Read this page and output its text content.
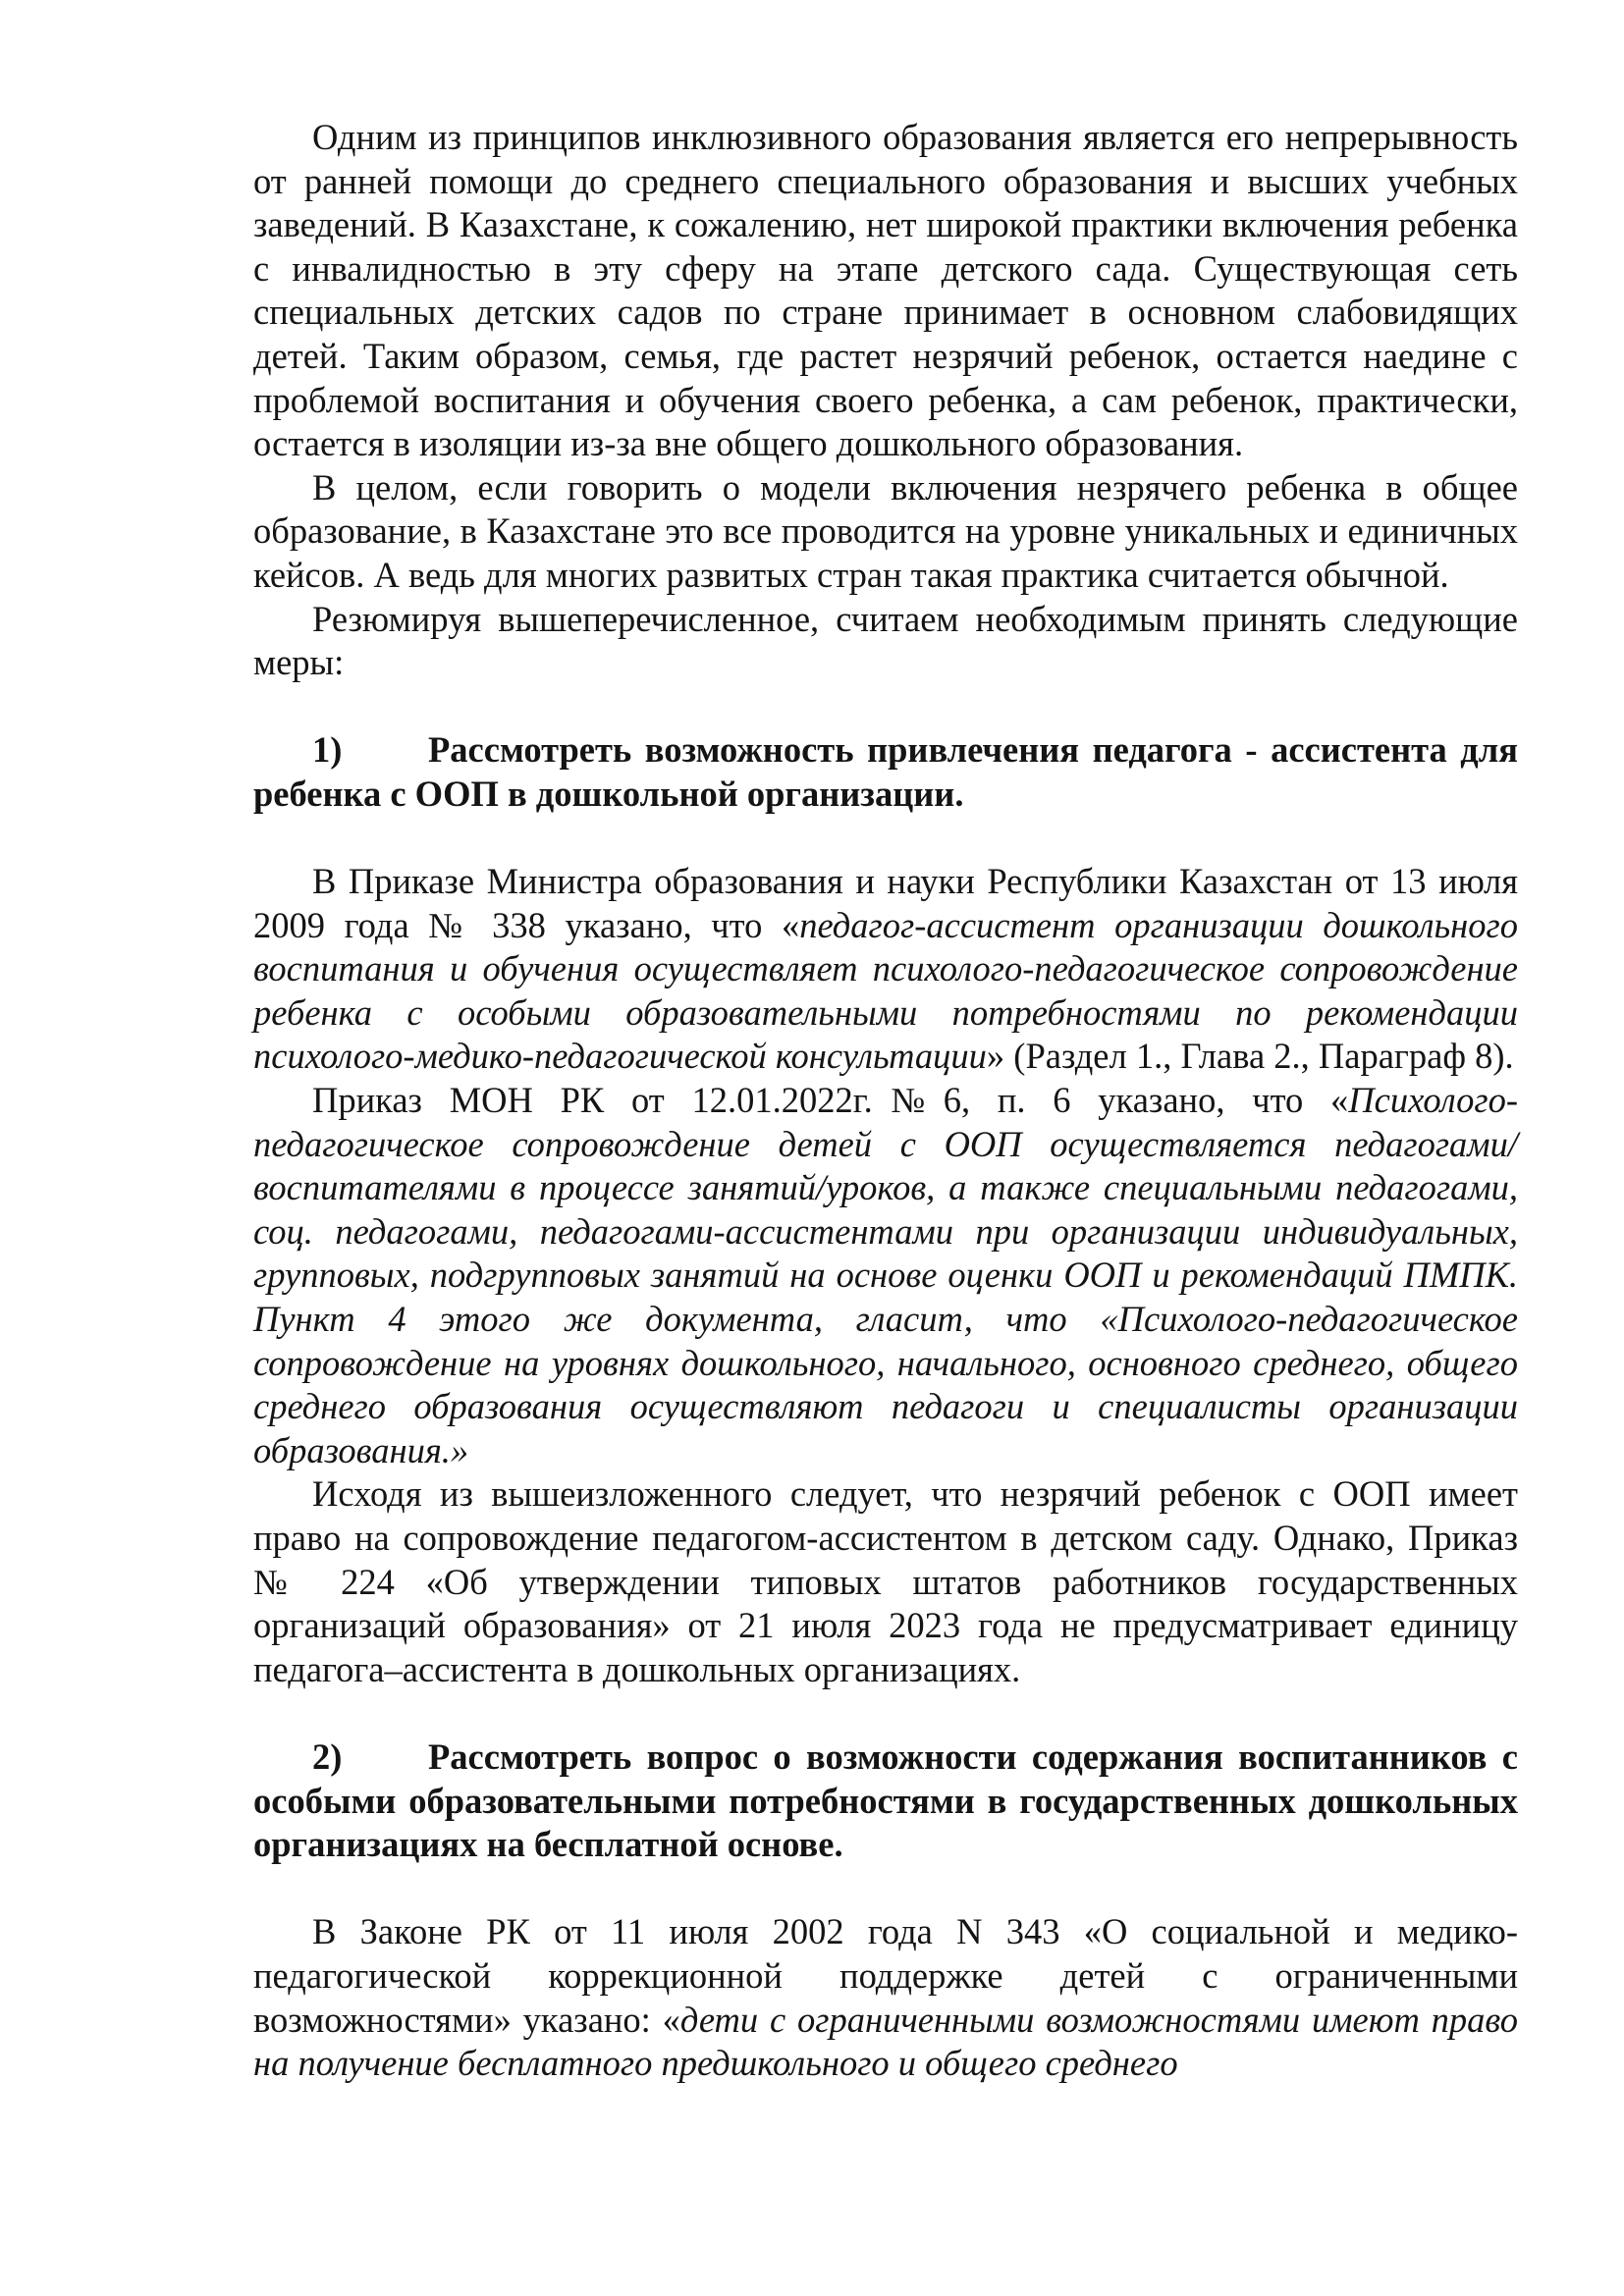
Одним из принципов инклюзивного образования является его непрерывность от ранней помощи до среднего специального образования и высших учебных заведений. В Казахстане, к сожалению, нет широкой практики включения ребенка с инвалидностью в эту сферу на этапе детского сада. Существующая сеть специальных детских садов по стране принимает в основном слабовидящих детей. Таким образом, семья, где растет незрячий ребенок, остается наедине с проблемой воспитания и обучения своего ребенка, а сам ребенок, практически, остается в изоляции из-за вне общего дошкольного образования.

В целом, если говорить о модели включения незрячего ребенка в общее образование, в Казахстане это все проводится на уровне уникальных и единичных кейсов. А ведь для многих развитых стран такая практика считается обычной.

Резюмируя вышеперечисленное, считаем необходимым принять следующие меры:

1) Рассмотреть возможность привлечения педагога - ассистента для ребенка с ООП в дошкольной организации.

В Приказе Министра образования и науки Республики Казахстан от 13 июля 2009 года № 338 указано, что «педагог-ассистент организации дошкольного воспитания и обучения осуществляет психолого-педагогическое сопровождение ребенка с особыми образовательными потребностями по рекомендации психолого-медико-педагогической консультации» (Раздел 1., Глава 2., Параграф 8).

Приказ МОН РК от 12.01.2022г.№6, п. 6 указано, что «Психолого-педагогическое сопровождение детей с ООП осуществляется педагогами/ воспитателями в процессе занятий/уроков, а также специальными педагогами, соц. педагогами, педагогами-ассистентами при организации индивидуальных, групповых, подгрупповых занятий на основе оценки ООП и рекомендаций ПМПК. Пункт 4 этого же документа, гласит, что «Психолого-педагогическое сопровождение на уровнях дошкольного, начального, основного среднего, общего среднего образования осуществляют педагоги и специалисты организации образования.»

Исходя из вышеизложенного следует, что незрячий ребенок с ООП имеет право на сопровождение педагогом-ассистентом в детском саду. Однако, Приказ № 224 «Об утверждении типовых штатов работников государственных организаций образования» от 21 июля 2023 года не предусматривает единицу педагога–ассистента в дошкольных организациях.

2) Рассмотреть вопрос о возможности содержания воспитанников с особыми образовательными потребностями в государственных дошкольных организациях на бесплатной основе.

В Законе РК от 11 июля 2002 года N 343 «О социальной и медико-педагогической коррекционной поддержке детей с ограниченными возможностями» указано: «дети с ограниченными возможностями имеют право на получение бесплатного предшкольного и общего среднего
